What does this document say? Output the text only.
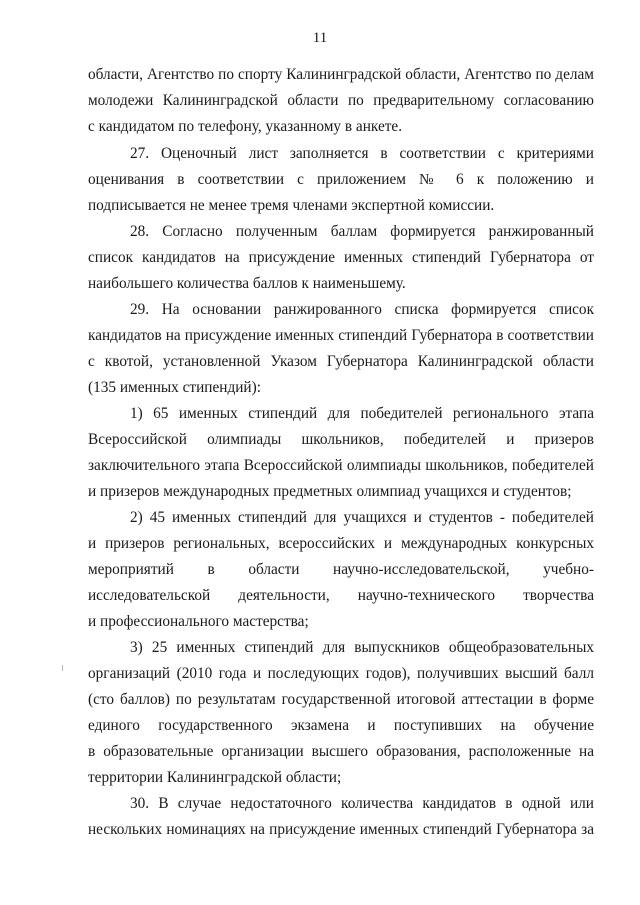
11
области, Агентство по спорту Калининградской области, Агентство по делам
молодежи Калининградской области по предварительному согласованию
с кандидатом по телефону, указанному в анкете.
27. Оценочный лист заполняется в соответствии с критериями
оценивания в соответствии с приложением № 6 к положению и
подписывается не менее тремя членами экспертной комиссии.
28. Согласно полученным баллам формируется ранжированный
список кандидатов на присуждение именных стипендий Губернатора от
наибольшего количества баллов к наименьшему.
29. На основании ранжированного списка формируется список
кандидатов на присуждение именных стипендий Губернатора в соответствии
с квотой, установленной Указом Губернатора Калининградской области
(135 именных стипендий):
1) 65 именных стипендий для победителей регионального этапа
Всероссийской олимпиады школьников, победителей и призеров
заключительного этапа Всероссийской олимпиады школьников, победителей
и призеров международных предметных олимпиад учащихся и студентов;
2) 45 именных стипендий для учащихся и студентов - победителей
и призеров региональных, всероссийских и международных конкурсных
мероприятий в области научно-исследовательской, учебно-
исследовательской деятельности, научно-технического творчества
и профессионального мастерства;
3) 25 именных стипендий для выпускников общеобразовательных
организаций (2010 года и последующих годов), получивших высший балл
(сто баллов) по результатам государственной итоговой аттестации в форме
единого государственного экзамена и поступивших на обучение
в образовательные организации высшего образования, расположенные на
территории Калининградской области;
30. В случае недостаточного количества кандидатов в одной или
нескольких номинациях на присуждение именных стипендий Губернатора за
